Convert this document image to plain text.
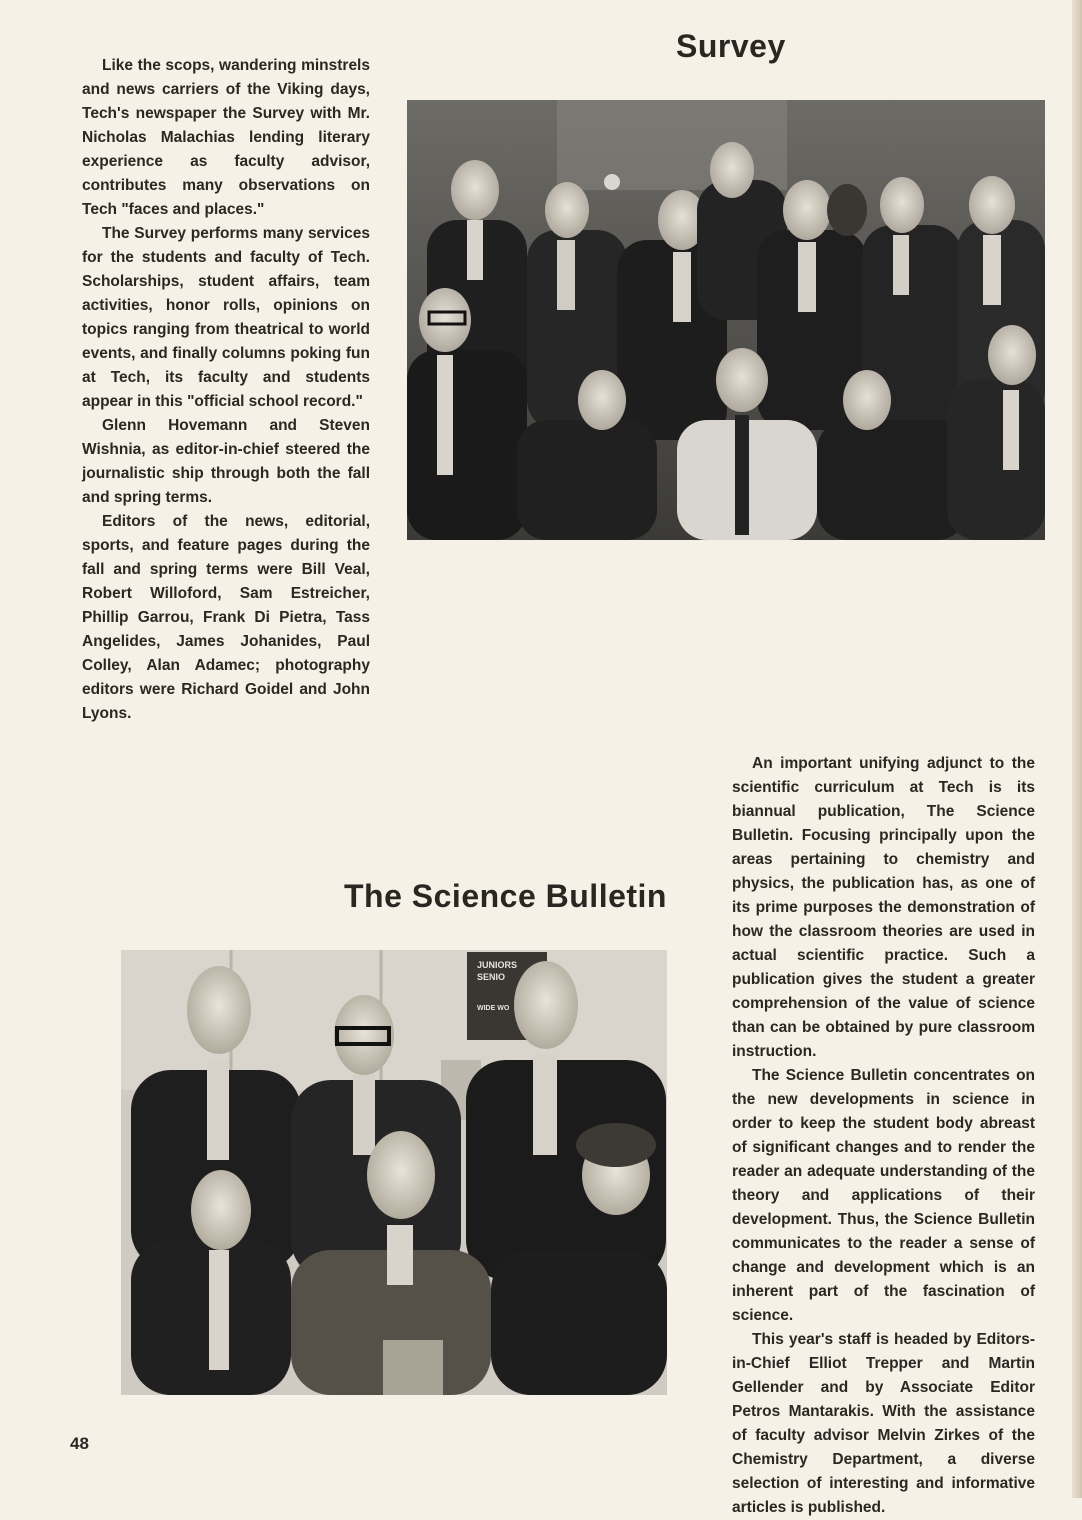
Survey

Like the scops, wandering minstrels and news carriers of the Viking days, Tech's newspaper the Survey with Mr. Nicholas Malachias lending literary experience as faculty advisor, contributes many observations on Tech "faces and places."

The Survey performs many services for the students and faculty of Tech. Scholarships, student affairs, team activities, honor rolls, opinions on topics ranging from theatrical to world events, and finally columns poking fun at Tech, its faculty and students appear in this "official school record."

Glenn Hovemann and Steven Wishnia, as editor-in-chief steered the journalistic ship through both the fall and spring terms.

Editors of the news, editorial, sports, and feature pages during the fall and spring terms were Bill Veal, Robert Willoford, Sam Estreicher, Phillip Garrou, Frank Di Pietra, Tass Angelides, James Johanides, Paul Colley, Alan Adamec; photography editors were Richard Goidel and John Lyons.

The Science Bulletin
JUNIORS
SENIO
WIDE WO

An important unifying adjunct to the scientific curriculum at Tech is its biannual publication, The Science Bulletin. Focusing principally upon the areas pertaining to chemistry and physics, the publication has, as one of its prime purposes the demonstration of how the classroom theories are used in actual scientific practice. Such a publication gives the student a greater comprehension of the value of science than can be obtained by pure classroom instruction.

The Science Bulletin concentrates on the new developments in science in order to keep the student body abreast of significant changes and to render the reader an adequate understanding of the theory and applications of their development. Thus, the Science Bulletin communicates to the reader a sense of change and development which is an inherent part of the fascination of science.

This year's staff is headed by Editors-in-Chief Elliot Trepper and Martin Gellender and by Associate Editor Petros Mantarakis. With the assistance of faculty advisor Melvin Zirkes of the Chemistry Department, a diverse selection of interesting and informative articles is published.

48
